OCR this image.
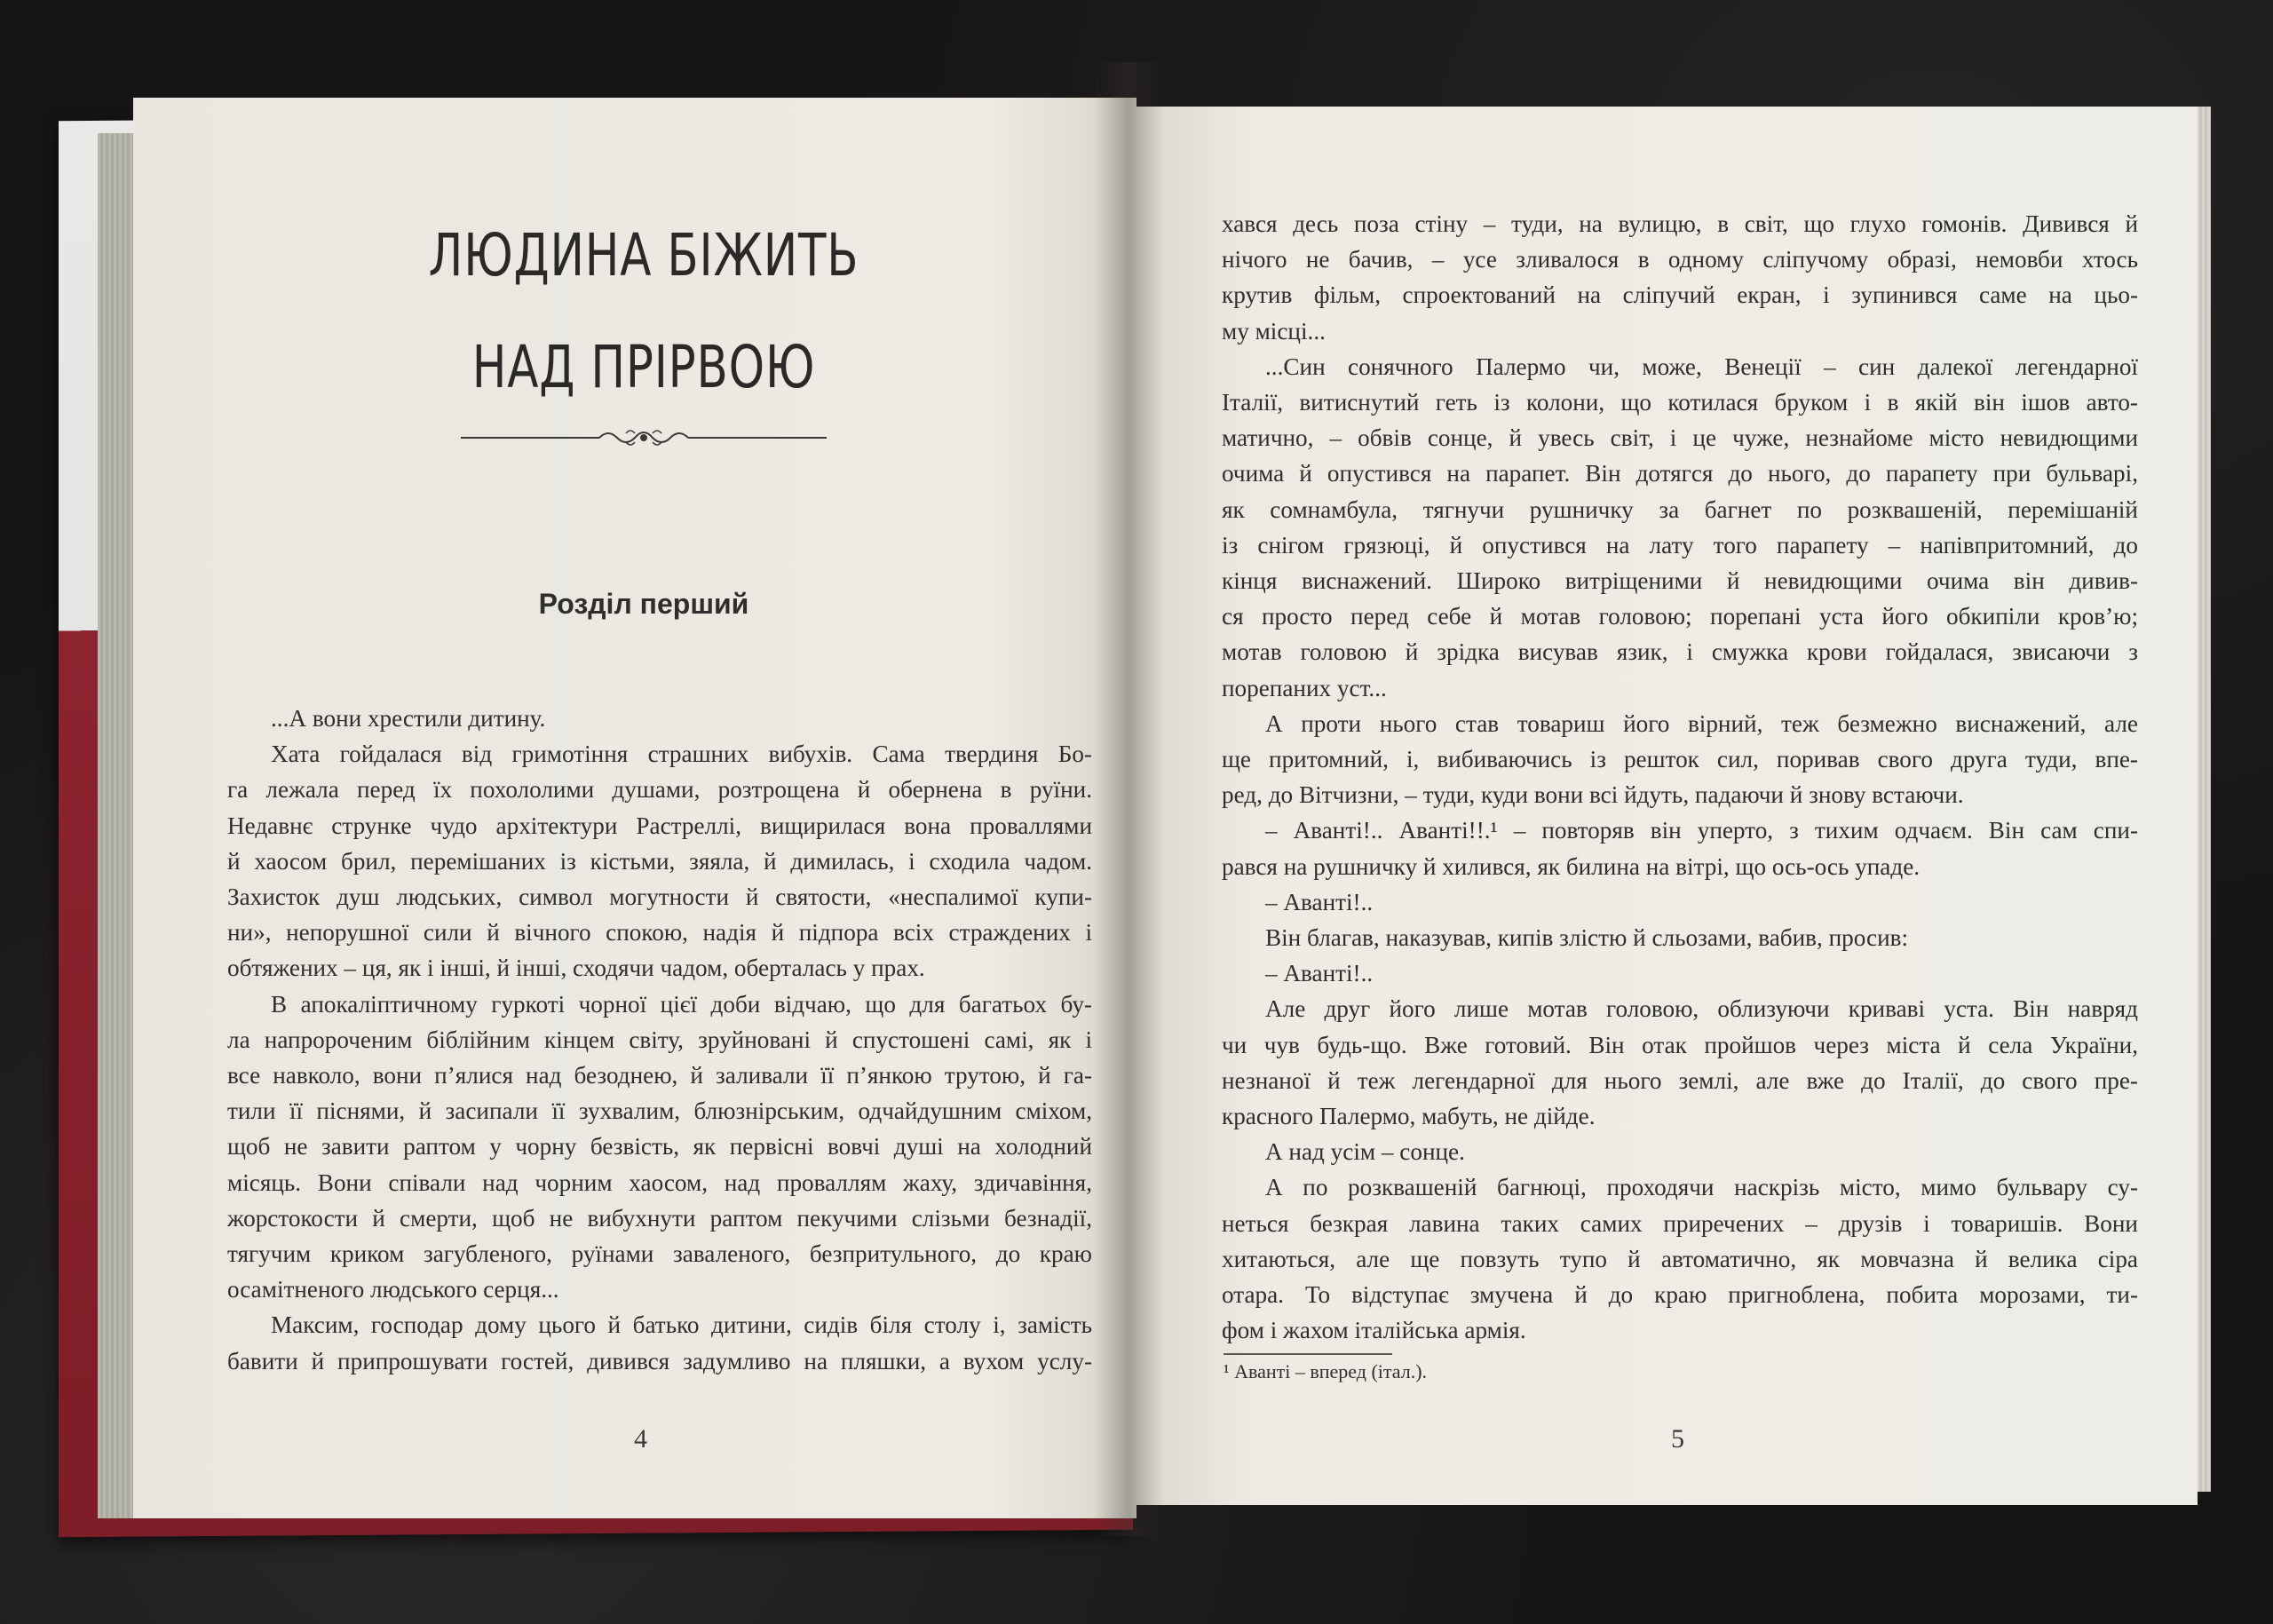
ЛЮДИНА БІЖИТЬ
НАД ПРІРВОЮ
Розділ перший
...А вони хрестили дитину.
Хата гойдалася від гримотіння страшних вибухів. Сама твердиня Бо-
га лежала перед їх похололими душами, розтрощена й обернена в руїни.
Недавнє струнке чудо архітектури Растреллі, вищирилася вона проваллями
й хаосом брил, перемішаних із кістьми, зяяла, й димилась, і сходила чадом.
Захисток душ людських, символ могутности й святости, «неспалимої купи-
ни», непорушної сили й вічного спокою, надія й підпора всіх страждених і
обтяжених – ця, як і інші, й інші, сходячи чадом, оберталась у прах.
В апокаліптичному гуркоті чорної цієї доби відчаю, що для багатьох бу-
ла напророченим біблійним кінцем світу, зруйновані й спустошені самі, як і
все навколо, вони п’ялися над безоднею, й заливали її п’янкою трутою, й га-
тили її піснями, й засипали її зухвалим, блюзнірським, одчайдушним сміхом,
щоб не завити раптом у чорну безвість, як первісні вовчі душі на холодний
місяць. Вони співали над чорним хаосом, над проваллям жаху, здичавіння,
жорстокости й смерти, щоб не вибухнути раптом пекучими слізьми безнадії,
тягучим криком загубленого, руїнами заваленого, безпритульного, до краю
осамітненого людського серця...
Максим, господар дому цього й батько дитини, сидів біля столу і, замість
бавити й припрошувати гостей, дивився задумливо на пляшки, а вухом услу-
4
хався десь поза стіну – туди, на вулицю, в світ, що глухо гомонів. Дивився й
нічого не бачив, – усе зливалося в одному сліпучому образі, немовби хтось
крутив фільм, спроектований на сліпучий екран, і зупинився саме на цьо-
му місці...
...Син сонячного Палермо чи, може, Венеції – син далекої легендарної
Італії, витиснутий геть із колони, що котилася бруком і в якій він ішов авто-
матично, – обвів сонце, й увесь світ, і це чуже, незнайоме місто невидющими
очима й опустився на парапет. Він дотягся до нього, до парапету при бульварі,
як сомнамбула, тягнучи рушничку за багнет по розквашеній, перемішаній
із снігом грязюці, й опустився на лату того парапету – напівпритомний, до
кінця виснажений. Широко витріщеними й невидющими очима він дивив-
ся просто перед себе й мотав головою; порепані уста його обкипіли кров’ю;
мотав головою й зрідка висував язик, і смужка крови гойдалася, звисаючи з
порепаних уст...
А проти нього став товариш його вірний, теж безмежно виснажений, але
ще притомний, і, вибиваючись із решток сил, поривав свого друга туди, впе-
ред, до Вітчизни, – туди, куди вони всі йдуть, падаючи й знову встаючи.
– Аванті!.. Аванті!!.¹ – повторяв він уперто, з тихим одчаєм. Він сам спи-
рався на рушничку й хилився, як билина на вітрі, що ось-ось упаде.
– Аванті!..
Він благав, наказував, кипів злістю й сльозами, вабив, просив:
– Аванті!..
Але друг його лише мотав головою, облизуючи криваві уста. Він навряд
чи чув будь-що. Вже готовий. Він отак пройшов через міста й села України,
незнаної й теж легендарної для нього землі, але вже до Італії, до свого пре-
красного Палермо, мабуть, не дійде.
А над усім – сонце.
А по розквашеній багнюці, проходячи наскрізь місто, мимо бульвару су-
неться безкрая лавина таких самих приречених – друзів і товаришів. Вони
хитаються, але ще повзуть тупо й автоматично, як мовчазна й велика сіра
отара. То відступає змучена й до краю пригноблена, побита морозами, ти-
фом і жахом італійська армія.
¹ Аванті – вперед (італ.).
5
